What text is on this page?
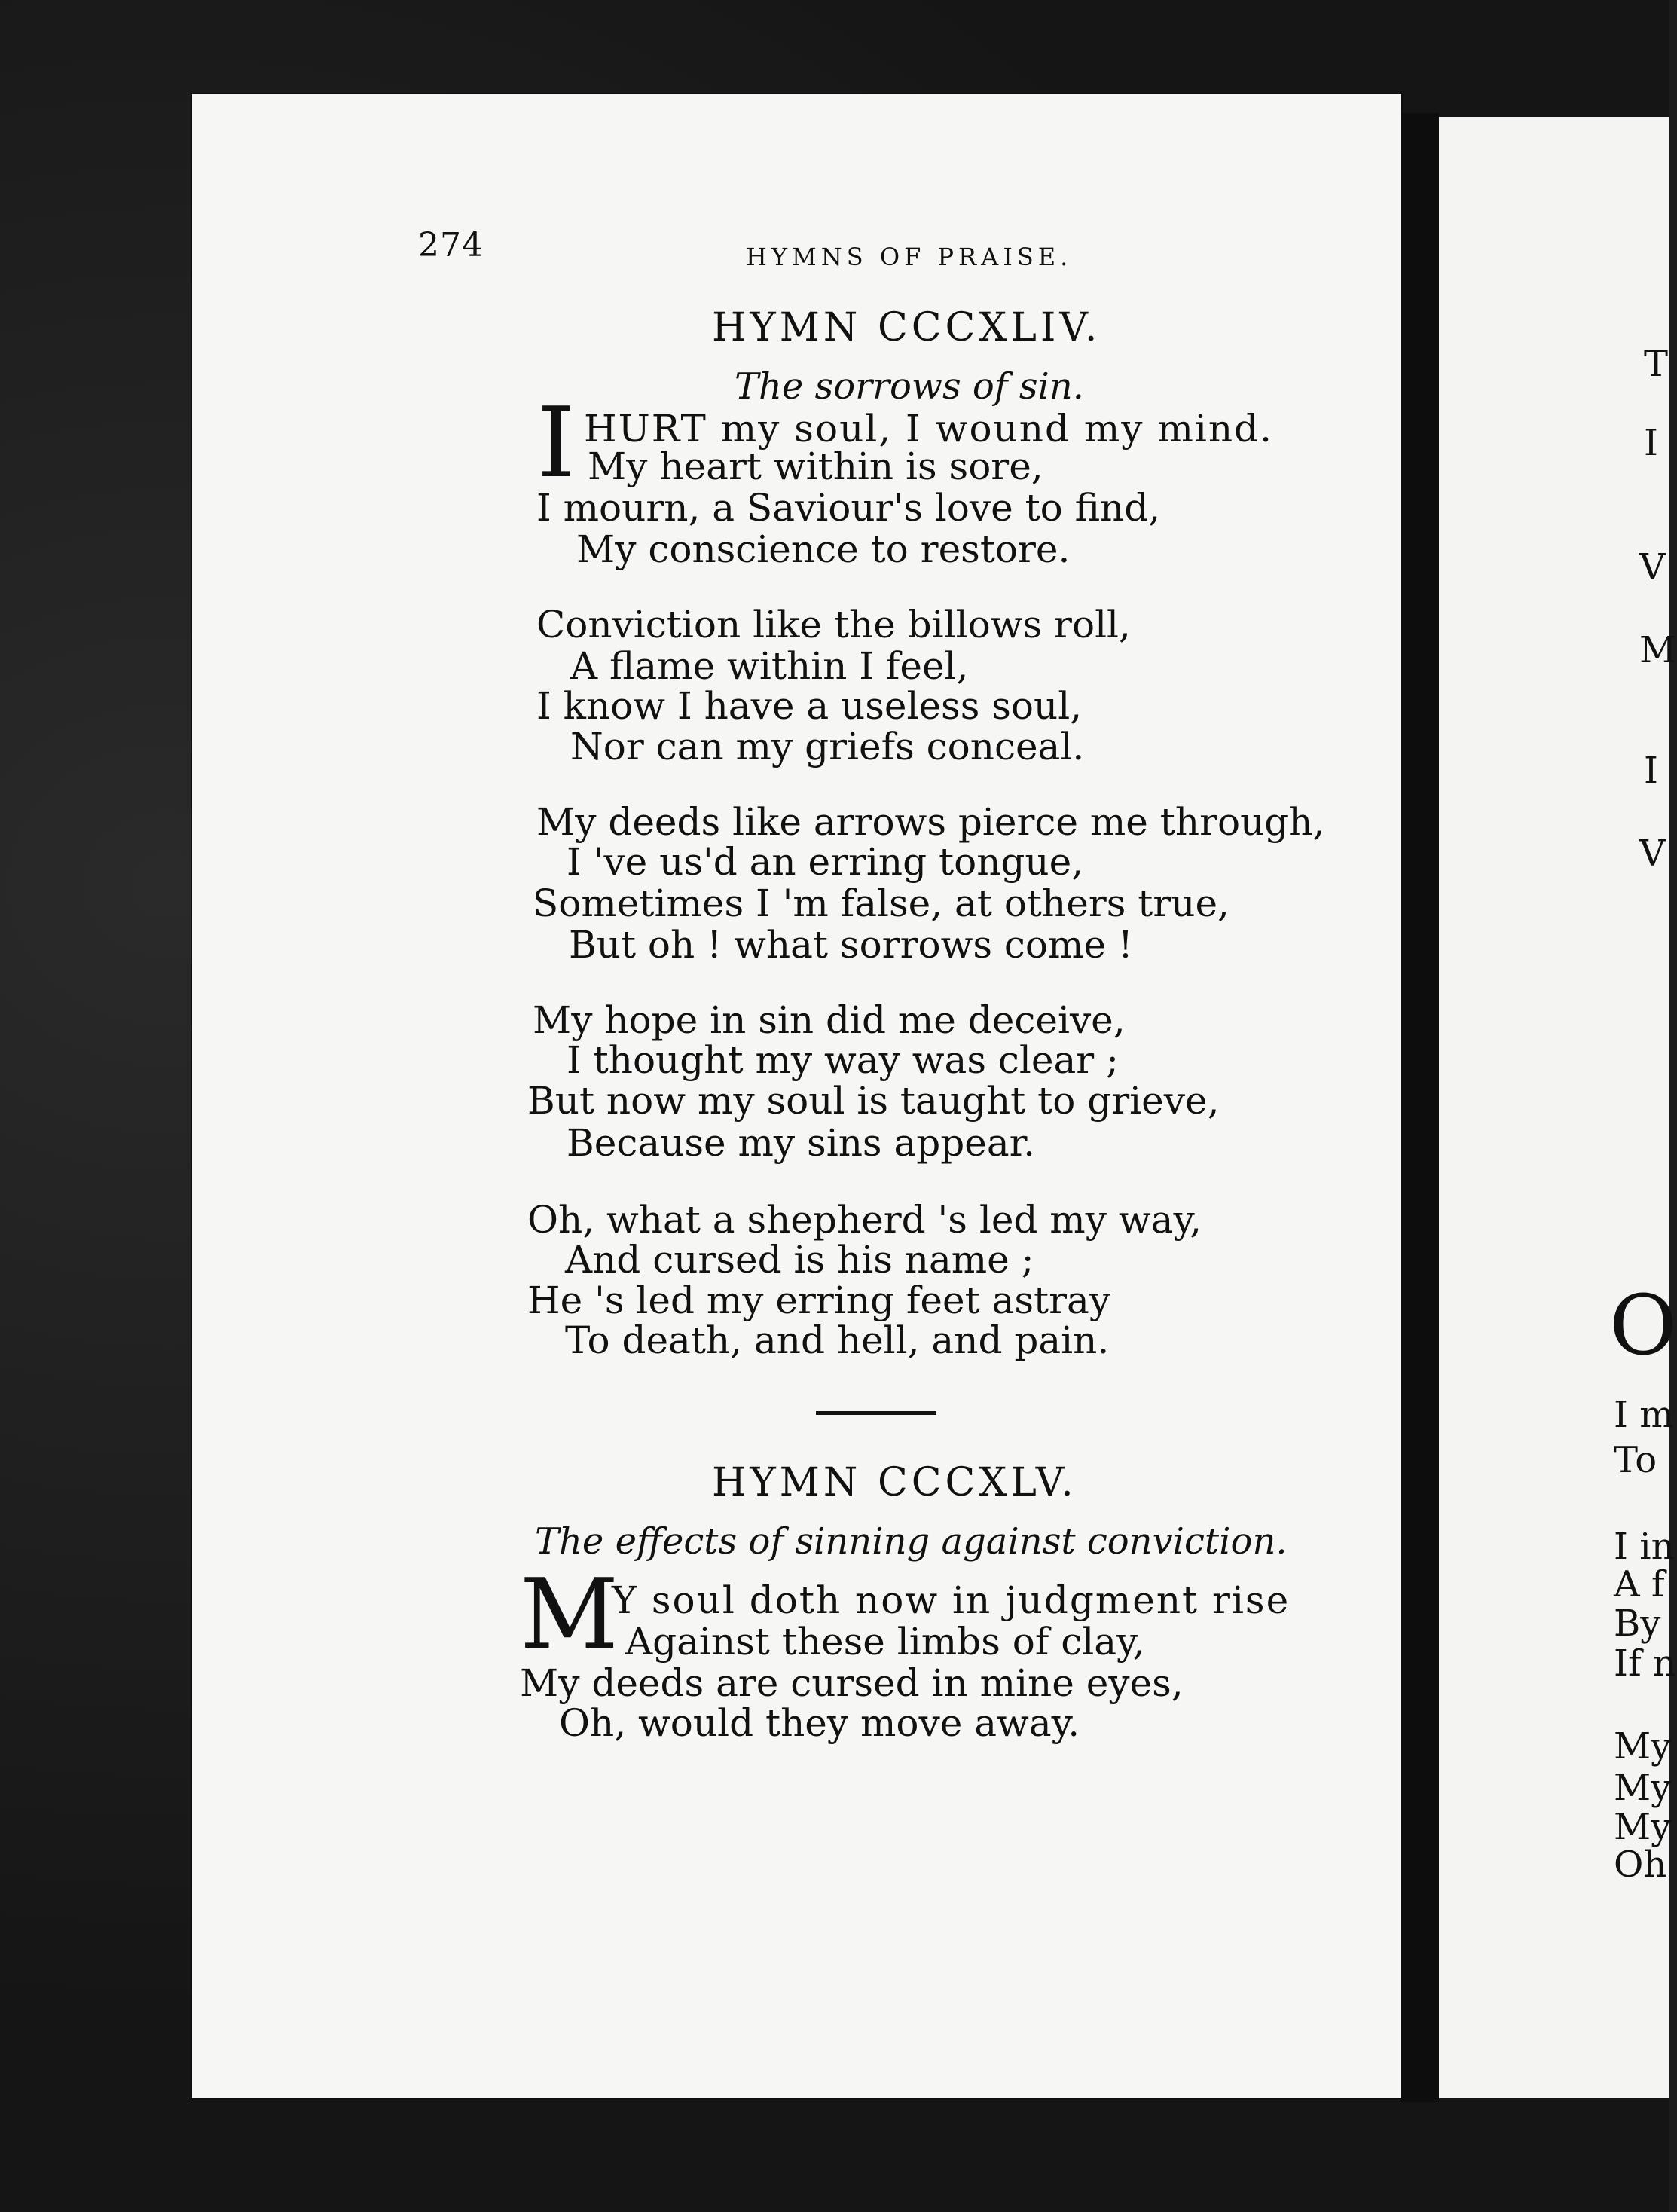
T
I
V
M
I
V
O
I m
To
I in
A f
By
If n
My
My
My
Oh
274	HYMNS OF PRAISE.
HYMN CCCXLIV.
The sorrows of sin.
I HURT my soul, I wound my mind.
My heart within is sore,
I mourn, a Saviour's love to find,
My conscience to restore.
Conviction like the billows roll,
A flame within I feel,
I know I have a useless soul,
Nor can my griefs conceal.
My deeds like arrows pierce me through,
I 've us'd an erring tongue,
Sometimes I 'm false, at others true,
But oh ! what sorrows come !
My hope in sin did me deceive,
I thought my way was clear ;
But now my soul is taught to grieve,
Because my sins appear.
Oh, what a shepherd 's led my way,
And cursed is his name ;
He 's led my erring feet astray
To death, and hell, and pain.
HYMN CCCXLV.
The effects of sinning against conviction.
M
Y soul doth now in judgment rise
Against these limbs of clay,
My deeds are cursed in mine eyes,
Oh, would they move away.
